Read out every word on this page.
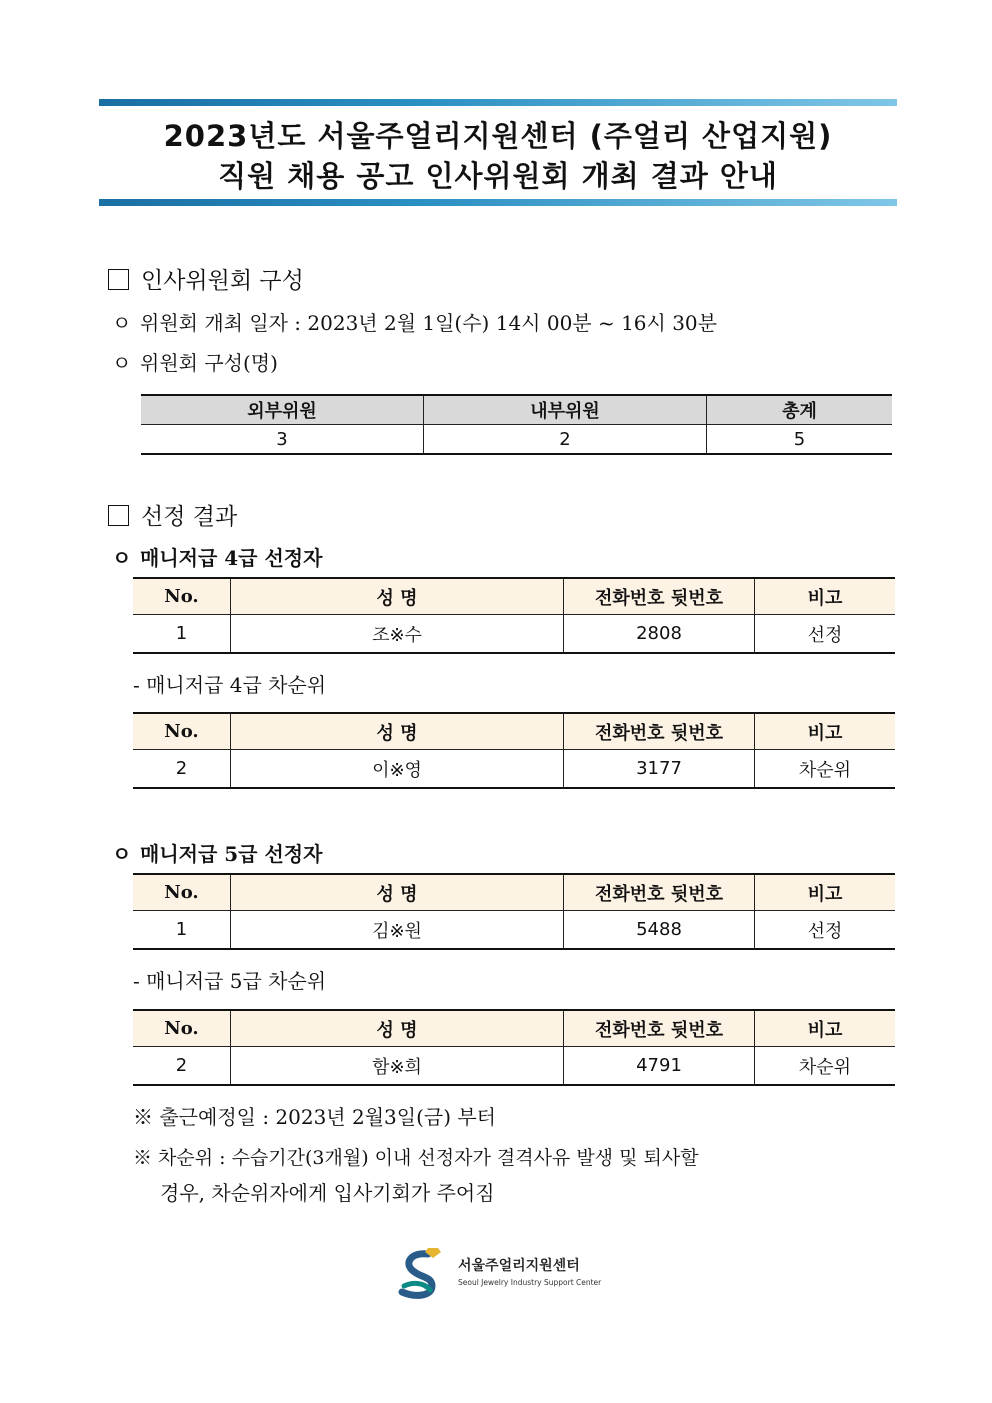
2023년도 서울주얼리지원센터 (주얼리 산업지원)
직원 채용 공고 인사위원회 개최 결과 안내
인사위원회 구성
ㅇ 위원회 개최 일자 : 2023년 2월 1일(수) 14시 00분 ~ 16시 30분
ㅇ 위원회 구성(명)
외부위원	내부위원	총계
3	2	5
선정 결과
ㅇ 매니저급 4급 선정자
No.	성 명	전화번호 뒷번호	비고
1	조※수	2808	선정
- 매니저급 4급 차순위
No.	성 명	전화번호 뒷번호	비고
2	이※영	3177	차순위
ㅇ 매니저급 5급 선정자
No.	성 명	전화번호 뒷번호	비고
1	김※원	5488	선정
- 매니저급 5급 차순위
No.	성 명	전화번호 뒷번호	비고
2	함※희	4791	차순위
※ 출근예정일 : 2023년 2월3일(금) 부터
※ 차순위 : 수습기간(3개월) 이내 선정자가 결격사유 발생 및 퇴사할
경우, 차순위자에게 입사기회가 주어짐
서울주얼리지원센터
Seoul Jewelry Industry Support Center
